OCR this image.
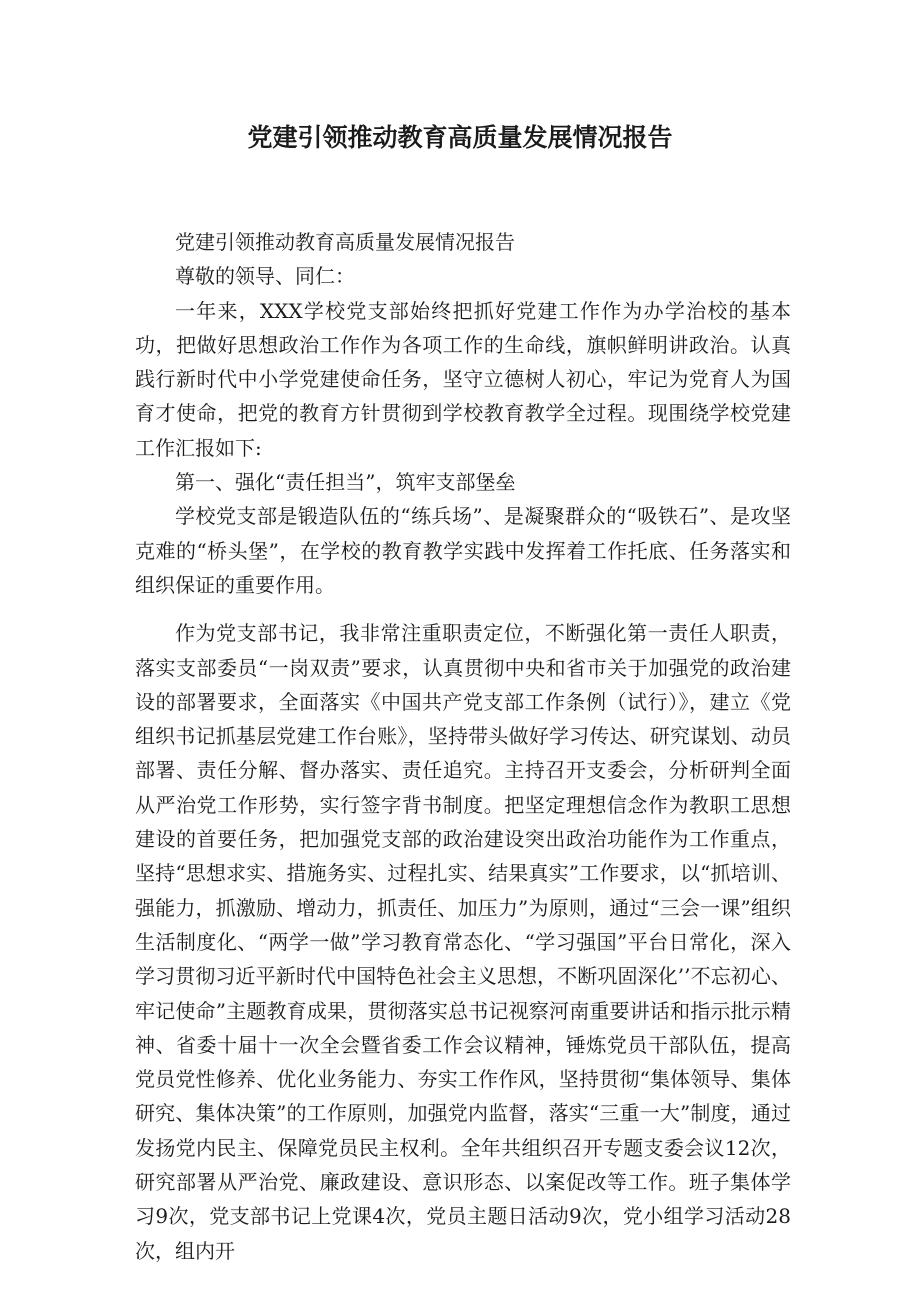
党建引领推动教育高质量发展情况报告

党建引领推动教育高质量发展情况报告

尊敬的领导、同仁：

一年来，XXX学校党支部始终把抓好党建工作作为办学治校的基本功，把做好思想政治工作作为各项工作的生命线，旗帜鲜明讲政治。认真践行新时代中小学党建使命任务，坚守立德树人初心，牢记为党育人为国育才使命，把党的教育方针贯彻到学校教育教学全过程。现围绕学校党建工作汇报如下:

第一、强化“责任担当”，筑牢支部堡垒

学校党支部是锻造队伍的“练兵场”、是凝聚群众的“吸铁石”、是攻坚克难的“桥头堡”，在学校的教育教学实践中发挥着工作托底、任务落实和组织保证的重要作用。

作为党支部书记，我非常注重职责定位，不断强化第一责任人职责，落实支部委员“一岗双责”要求，认真贯彻中央和省市关于加强党的政治建设的部署要求，全面落实《中国共产党支部工作条例（试行）》，建立《党组织书记抓基层党建工作台账》，坚持带头做好学习传达、研究谋划、动员部署、责任分解、督办落实、责任追究。主持召开支委会，分析研判全面从严治党工作形势，实行签字背书制度。把坚定理想信念作为教职工思想建设的首要任务，把加强党支部的政治建设突出政治功能作为工作重点，坚持“思想求实、措施务实、过程扎实、结果真实”工作要求，以“抓培训、强能力，抓激励、增动力，抓责任、加压力”为原则，通过“三会一课”组织生活制度化、“两学一做”学习教育常态化、“学习强国”平台日常化，深入学习贯彻习近平新时代中国特色社会主义思想，不断巩固深化’’不忘初心、牢记使命”主题教育成果，贯彻落实总书记视察河南重要讲话和指示批示精神、省委十届十一次全会暨省委工作会议精神，锤炼党员干部队伍，提高党员党性修养、优化业务能力、夯实工作作风，坚持贯彻“集体领导、集体研究、集体决策”的工作原则，加强党内监督，落实“三重一大”制度，通过发扬党内民主、保障党员民主权利。全年共组织召开专题支委会议12次，研究部署从严治党、廉政建设、意识形态、以案促改等工作。班子集体学习9次，党支部书记上党课4次，党员主题日活动9次，党小组学习活动28次，组内开
